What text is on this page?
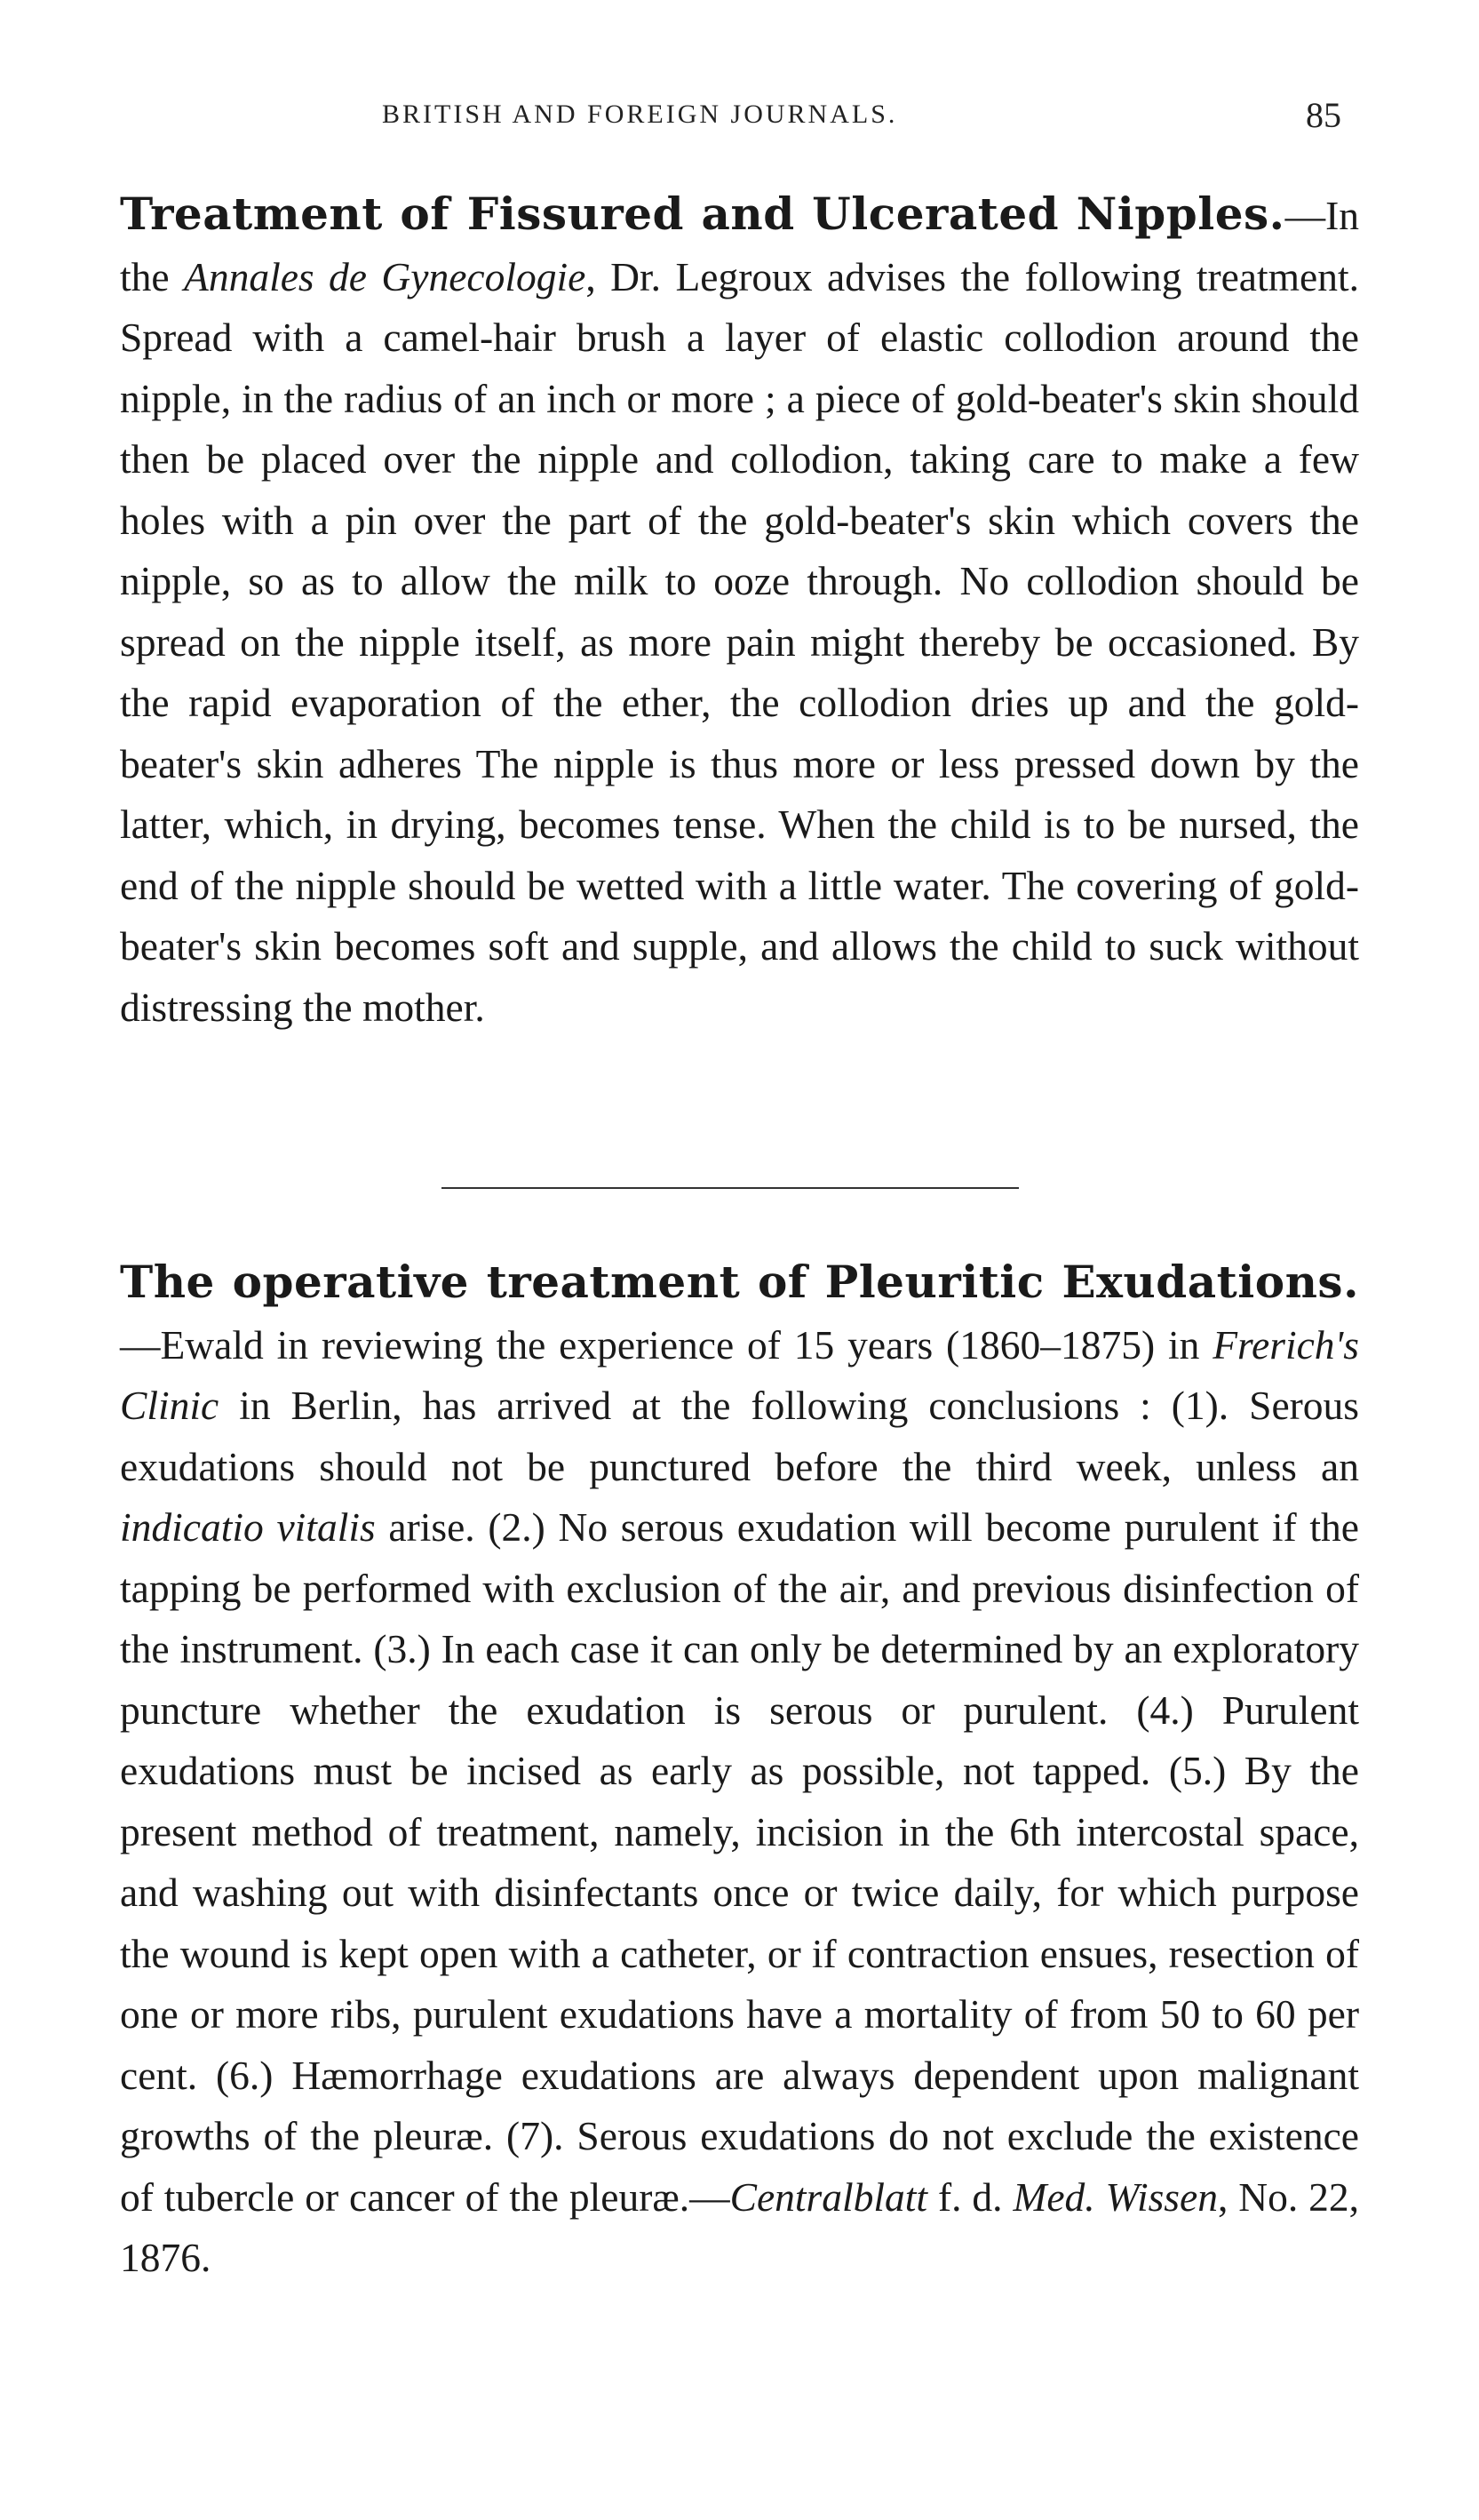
BRITISH AND FOREIGN JOURNALS.	85
Treatment of Fissured and Ulcerated Nipples.—In the Annales de Gynecologie, Dr. Legroux advises the following treatment. Spread with a camel-hair brush a layer of elastic collodion around the nipple, in the radius of an inch or more ; a piece of gold-beater's skin should then be placed over the nipple and collodion, taking care to make a few holes with a pin over the part of the gold-beater's skin which covers the nipple, so as to allow the milk to ooze through. No collodion should be spread on the nipple itself, as more pain might thereby be occasioned. By the rapid evaporation of the ether, the collodion dries up and the gold-beater's skin adheres The nipple is thus more or less pressed down by the latter, which, in drying, becomes tense. When the child is to be nursed, the end of the nipple should be wetted with a little water. The covering of gold-beater's skin becomes soft and supple, and allows the child to suck without distressing the mother.
The operative treatment of Pleuritic Exudations.—Ewald in reviewing the experience of 15 years (1860–1875) in Frerich's Clinic in Berlin, has arrived at the following conclusions : (1). Serous exudations should not be punctured before the third week, unless an indicatio vitalis arise. (2.) No serous exudation will become purulent if the tapping be performed with exclusion of the air, and previous disinfection of the instrument. (3.) In each case it can only be determined by an exploratory puncture whether the exudation is serous or purulent. (4.) Purulent exudations must be incised as early as possible, not tapped. (5.) By the present method of treatment, namely, incision in the 6th intercostal space, and washing out with disinfectants once or twice daily, for which purpose the wound is kept open with a catheter, or if contraction ensues, resection of one or more ribs, purulent exudations have a mortality of from 50 to 60 per cent. (6.) Hæmorrhage exudations are always dependent upon malignant growths of the pleuræ. (7). Serous exudations do not exclude the existence of tubercle or cancer of the pleuræ.—Centralblatt f. d. Med. Wissen, No. 22, 1876.
